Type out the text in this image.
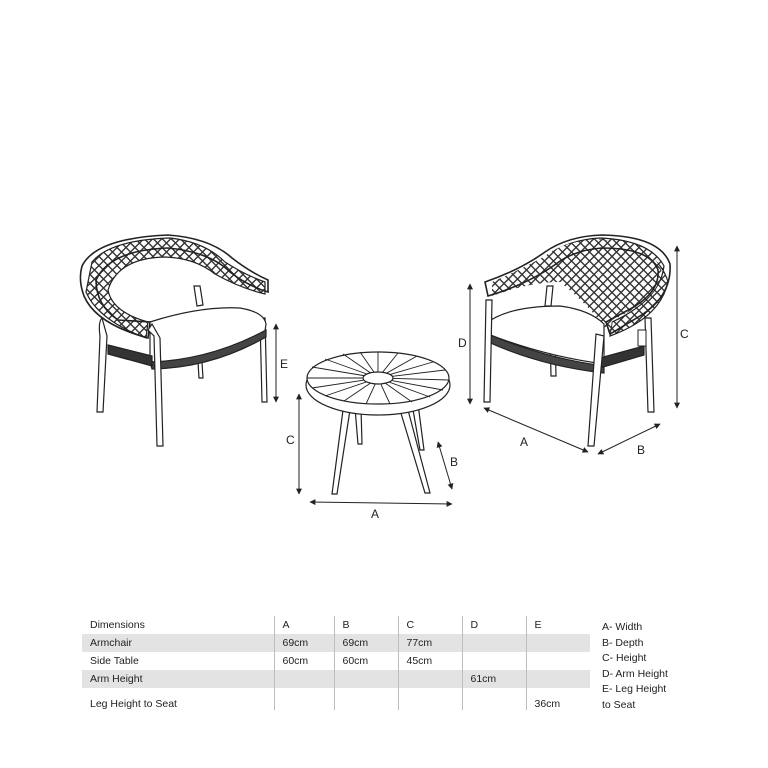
E
C
B
A
D
C
A
B
Dimensions	A	B	C	D	E
Armchair	69cm	69cm	77cm		
Side Table	60cm	60cm	45cm		
Arm Height				61cm	
Leg Height to Seat					36cm
A- Width
B- Depth
C- Height
D- Arm Height
E- Leg Height
to Seat
